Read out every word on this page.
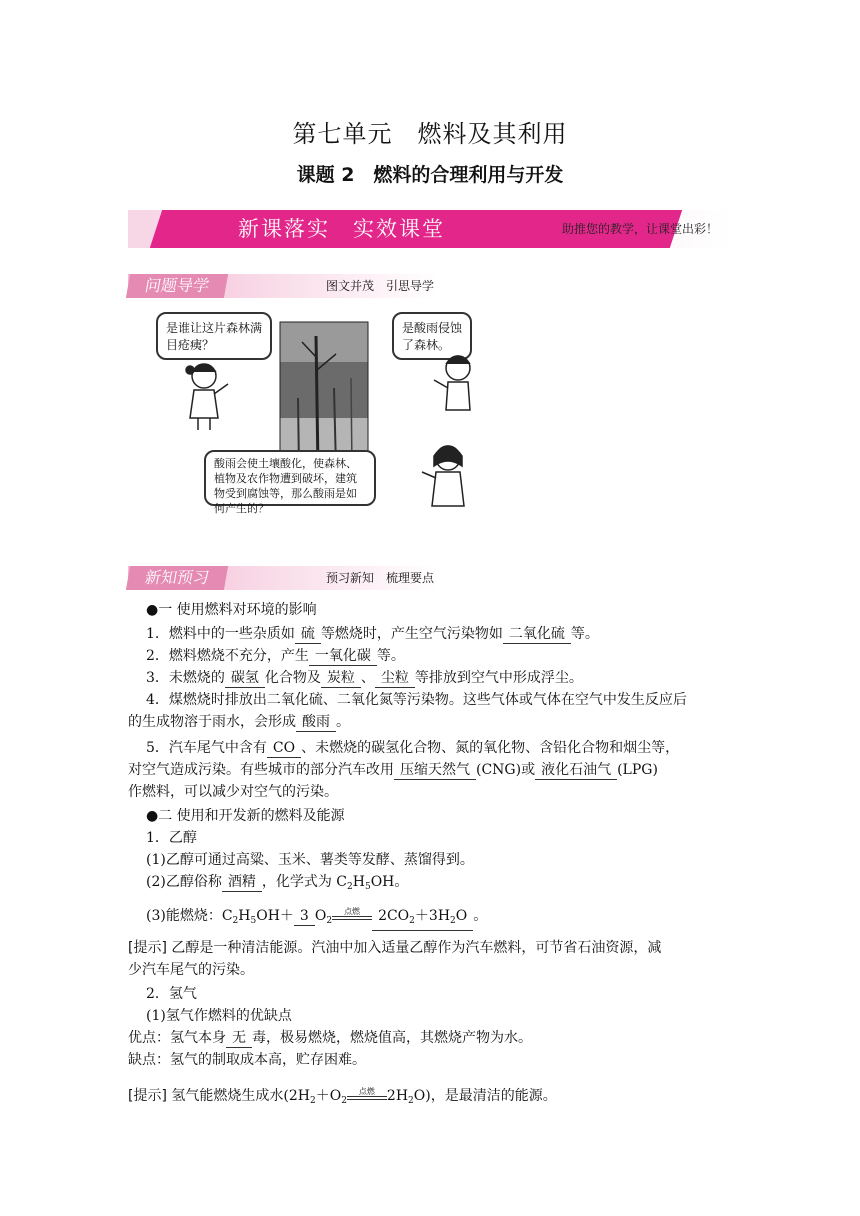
第七单元　燃料及其利用
课题 2　燃料的合理利用与开发
新课落实　实效课堂	助推您的教学，让课堂出彩！
问题导学	图文并茂　引思导学
是谁让这片森林满目疮痍？
是酸雨侵蚀了森林。
酸雨会使土壤酸化，使森林、植物及农作物遭到破坏，建筑物受到腐蚀等，那么酸雨是如何产生的？
新知预习	预习新知　梳理要点
●一 使用燃料对环境的影响
1．燃料中的一些杂质如 硫 等燃烧时，产生空气污染物如 二氧化硫 等。
2．燃料燃烧不充分，产生 一氧化碳 等。
3．未燃烧的 碳氢 化合物及 炭粒 、 尘粒 等排放到空气中形成浮尘。
4．煤燃烧时排放出二氧化硫、二氧化氮等污染物。这些气体或气体在空气中发生反应后
的生成物溶于雨水，会形成 酸雨 。
5．汽车尾气中含有 CO 、未燃烧的碳氢化合物、氮的氧化物、含铅化合物和烟尘等，
对空气造成污染。有些城市的部分汽车改用 压缩天然气 (CNG)或 液化石油气 (LPG)
作燃料，可以减少对空气的污染。
●二 使用和开发新的燃料及能源
1．乙醇
(1)乙醇可通过高粱、玉米、薯类等发酵、蒸馏得到。
(2)乙醇俗称 酒精 ，化学式为 $C_2H_5OH$。
(3)能燃烧：$C_2H_5OH+ 3$ $O_2$
点燃	$2CO_2+3H_2O$ 。
[提示] 乙醇是一种清洁能源。汽油中加入适量乙醇作为汽车燃料，可节省石油资源，减
少汽车尾气的污染。
2．氢气
(1)氢气作燃料的优缺点
优点：氢气本身 无 毒，极易燃烧，燃烧值高，其燃烧产物为水。
缺点：氢气的制取成本高，贮存困难。
[提示] 氢气能燃烧生成水($2H_2+O_2$
点燃 $2H_2O$)，是最清洁的能源。
